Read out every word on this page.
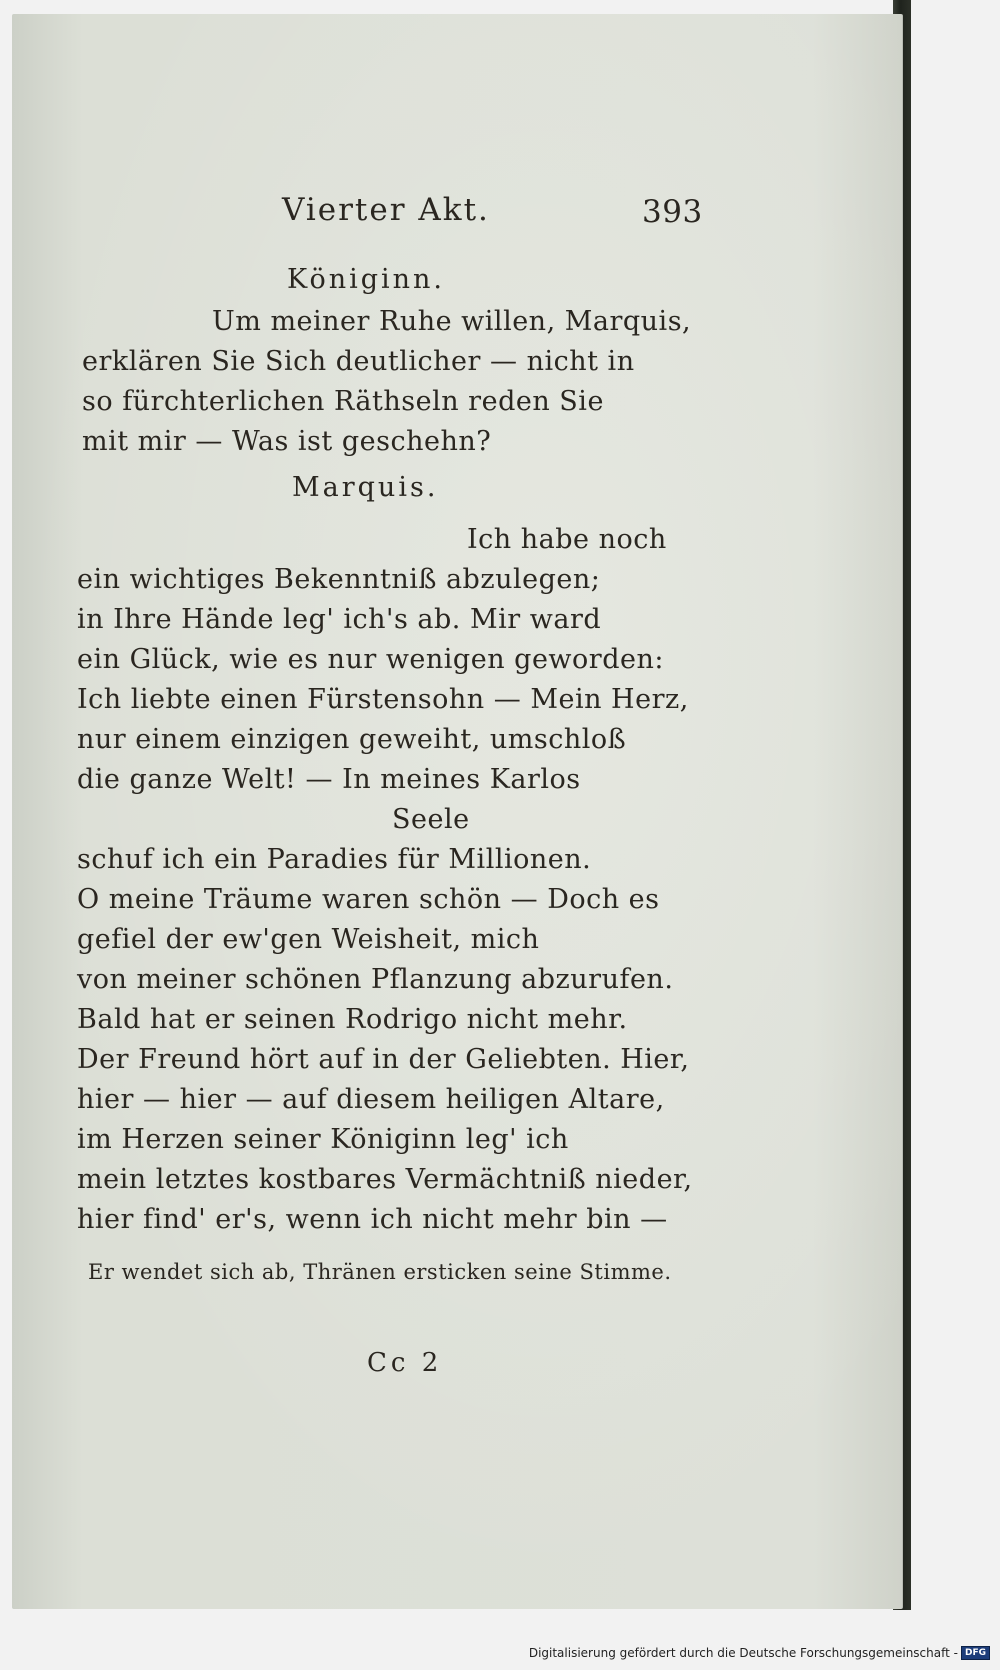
Vierter Akt.	393
Königinn.
Um meiner Ruhe willen, Marquis,
erklären Sie Sich deutlicher — nicht in
so fürchterlichen Räthseln reden Sie
mit mir — Was ist geschehn?
Marquis.
Ich habe noch
ein wichtiges Bekenntniß abzulegen;
in Ihre Hände leg' ich's ab. Mir ward
ein Glück, wie es nur wenigen geworden:
Ich liebte einen Fürstensohn — Mein Herz,
nur einem einzigen geweiht, umschloß
die ganze Welt! — In meines Karlos
Seele
schuf ich ein Paradies für Millionen.
O meine Träume waren schön — Doch es
gefiel der ew'gen Weisheit, mich
von meiner schönen Pflanzung abzurufen.
Bald hat er seinen Rodrigo nicht mehr.
Der Freund hört auf in der Geliebten. Hier,
hier — hier — auf diesem heiligen Altare,
im Herzen seiner Königinn leg' ich
mein letztes kostbares Vermächtniß nieder,
hier find' er's, wenn ich nicht mehr bin —
Er wendet sich ab, Thränen ersticken seine Stimme.
Cc 2
Digitalisierung gefördert durch die Deutsche Forschungsgemeinschaft - DFG
